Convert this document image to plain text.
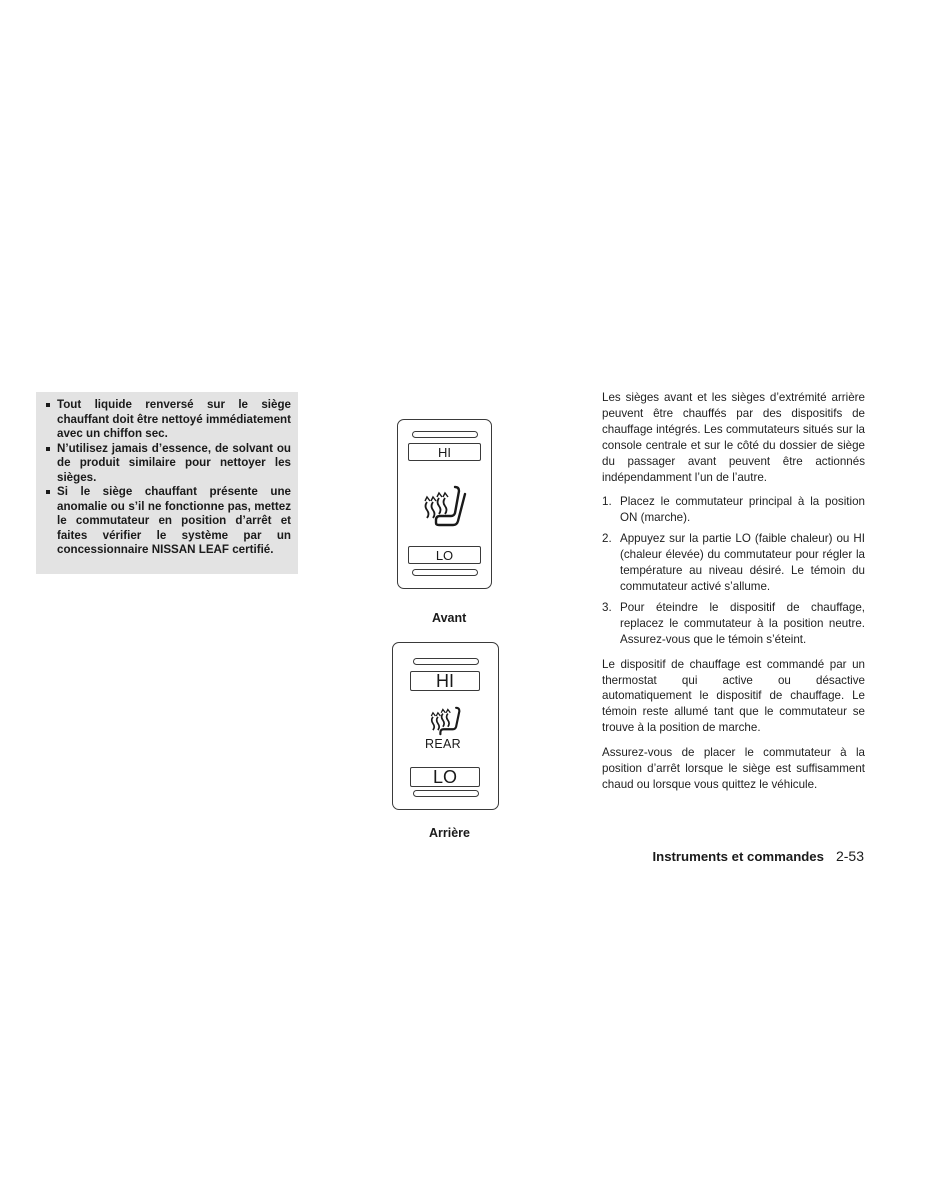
Tout liquide renversé sur le siège chauffant doit être nettoyé immédiatement avec un chiffon sec.
N’utilisez jamais d’essence, de solvant ou de produit similaire pour nettoyer les sièges.
Si le siège chauffant présente une anomalie ou s’il ne fonctionne pas, mettez le commutateur en position d’arrêt et faites vérifier le système par un concessionnaire NISSAN LEAF certifié.
HI
LO
Avant
HI
REAR
LO
Arrière

Les sièges avant et les sièges d’extrémité arrière peuvent être chauffés par des dispositifs de chauffage intégrés. Les commutateurs situés sur la console centrale et sur le côté du dossier de siège du passager avant peuvent être actionnés indépendamment l’un de l’autre.

1. Placez le commutateur principal à la position ON (marche).
2. Appuyez sur la partie LO (faible chaleur) ou HI (chaleur élevée) du commutateur pour régler la température au niveau désiré. Le témoin du commutateur activé s’allume.
3. Pour éteindre le dispositif de chauffage, replacez le commutateur à la position neutre. Assurez-vous que le témoin s’éteint.

Le dispositif de chauffage est commandé par un thermostat qui active ou désactive automatiquement le dispositif de chauffage. Le témoin reste allumé tant que le commutateur se trouve à la position de marche.

Assurez-vous de placer le commutateur à la position d’arrêt lorsque le siège est suffisamment chaud ou lorsque vous quittez le véhicule.

Instruments et commandes 2-53
